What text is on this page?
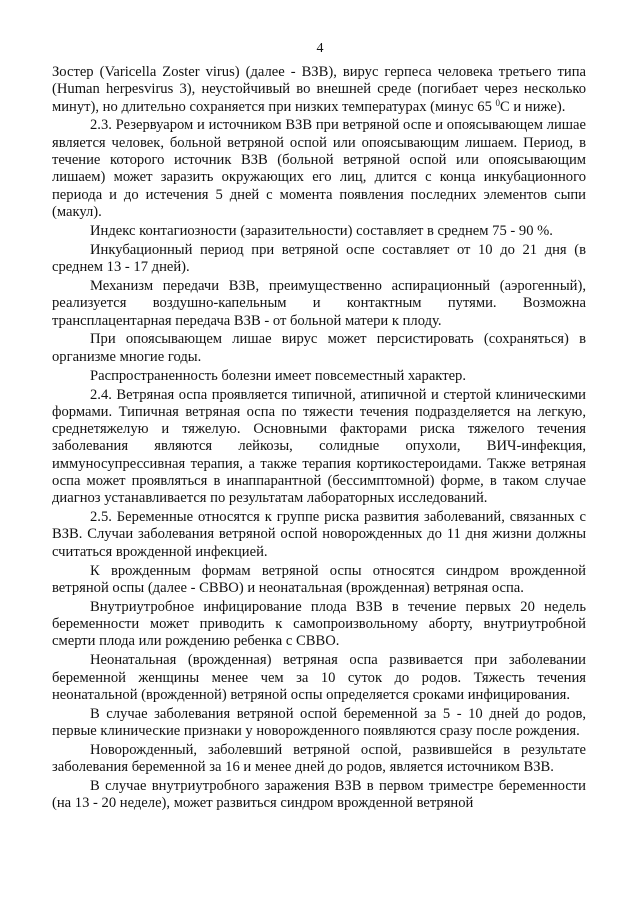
4

Зостер (Varicella Zoster virus) (далее - ВЗВ), вирус герпеса человека третьего типа (Human herpesvirus 3), неустойчивый во внешней среде (погибает через несколько минут), но длительно сохраняется при низких температурах (минус 65 $^0$С и ниже).

2.3. Резервуаром и источником ВЗВ при ветряной оспе и опоясывающем лишае является человек, больной ветряной оспой или опоясывающим лишаем. Период, в течение которого источник ВЗВ (больной ветряной оспой или опоясывающим лишаем) может заразить окружающих его лиц, длится с конца инкубационного периода и до истечения 5 дней с момента появления последних элементов сыпи (макул).

Индекс контагиозности (заразительности) составляет в среднем 75 - 90 %.

Инкубационный период при ветряной оспе составляет от 10 до 21 дня (в среднем 13 - 17 дней).

Механизм передачи ВЗВ, преимущественно аспирационный (аэрогенный), реализуется воздушно-капельным и контактным путями. Возможна трансплацентарная передача ВЗВ - от больной матери к плоду.

При опоясывающем лишае вирус может персистировать (сохраняться) в организме многие годы.

Распространенность болезни имеет повсеместный характер.

2.4. Ветряная оспа проявляется типичной, атипичной и стертой клиническими формами. Типичная ветряная оспа по тяжести течения подразделяется на легкую, среднетяжелую и тяжелую. Основными факторами риска тяжелого течения заболевания являются лейкозы, солидные опухоли, ВИЧ-инфекция, иммуносупрессивная терапия, а также терапия кортикостероидами. Также ветряная оспа может проявляться в инаппарантной (бессимптомной) форме, в таком случае диагноз устанавливается по результатам лабораторных исследований.

2.5. Беременные относятся к группе риска развития заболеваний, связанных с ВЗВ. Случаи заболевания ветряной оспой новорожденных до 11 дня жизни должны считаться врожденной инфекцией.

К врожденным формам ветряной оспы относятся синдром врожденной ветряной оспы (далее - СВВО) и неонатальная (врожденная) ветряная оспа.

Внутриутробное инфицирование плода ВЗВ в течение первых 20 недель беременности может приводить к самопроизвольному аборту, внутриутробной смерти плода или рождению ребенка с СВВО.

Неонатальная (врожденная) ветряная оспа развивается при заболевании беременной женщины менее чем за 10 суток до родов. Тяжесть течения неонатальной (врожденной) ветряной оспы определяется сроками инфицирования.

В случае заболевания ветряной оспой беременной за 5 - 10 дней до родов, первые клинические признаки у новорожденного появляются сразу после рождения.

Новорожденный, заболевший ветряной оспой, развившейся в результате заболевания беременной за 16 и менее дней до родов, является источником ВЗВ.

В случае внутриутробного заражения ВЗВ в первом триместре беременности (на 13 - 20 неделе), может развиться синдром врожденной ветряной
